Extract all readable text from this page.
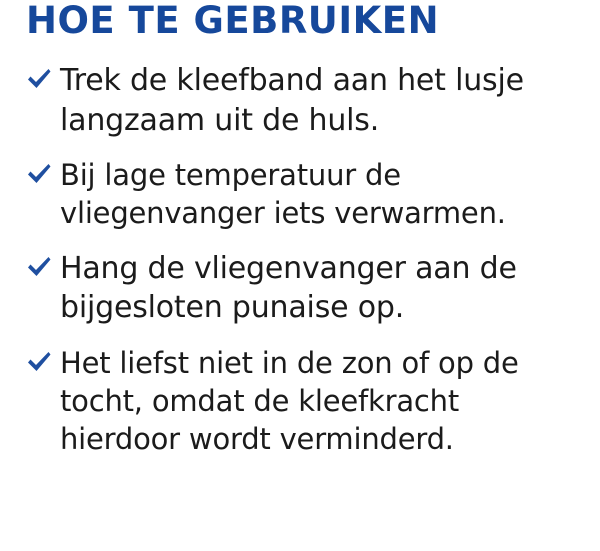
HOE TE GEBRUIKEN
Trek de kleefband aan het lusje langzaam uit de huls.
Bij lage temperatuur de vliegenvanger iets verwarmen.
Hang de vliegenvanger aan de bijgesloten punaise op.
Het liefst niet in de zon of op de tocht, omdat de kleefkracht hierdoor wordt verminderd.
